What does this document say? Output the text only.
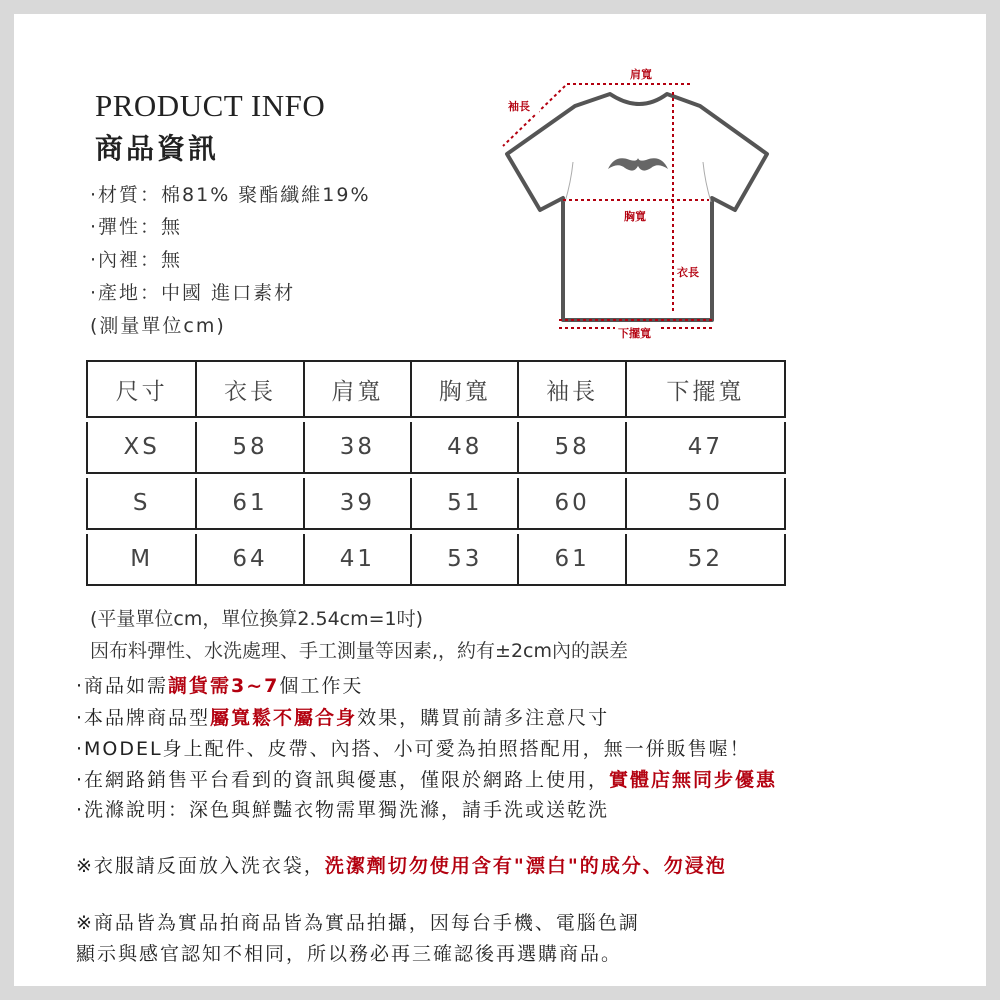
PRODUCT INFO
商品資訊
·材質：棉81% 聚酯纖維19%
·彈性：無
·內裡：無
·產地：中國 進口素材
(測量單位cm)
肩寬
袖長
胸寬
衣長
下擺寬
尺寸	衣長	肩寬	胸寬	袖長	下擺寬

XS	58	38	48	58	47

S	61	39	51	60	50

M	64	41	53	61	52
(平量單位cm，單位換算2.54cm=1吋)
因布料彈性、水洗處理、手工測量等因素,，約有±2cm內的誤差
·商品如需調貨需3~7個工作天
·本品牌商品型屬寬鬆不屬合身效果，購買前請多注意尺寸
·MODEL身上配件、皮帶、內搭、小可愛為拍照搭配用，無一併販售喔！
·在網路銷售平台看到的資訊與優惠，僅限於網路上使用，實體店無同步優惠
·洗滌說明：深色與鮮豔衣物需單獨洗滌，請手洗或送乾洗
※衣服請反面放入洗衣袋，洗潔劑切勿使用含有"漂白"的成分、勿浸泡
※商品皆為實品拍商品皆為實品拍攝，因每台手機、電腦色調
顯示與感官認知不相同，所以務必再三確認後再選購商品。
